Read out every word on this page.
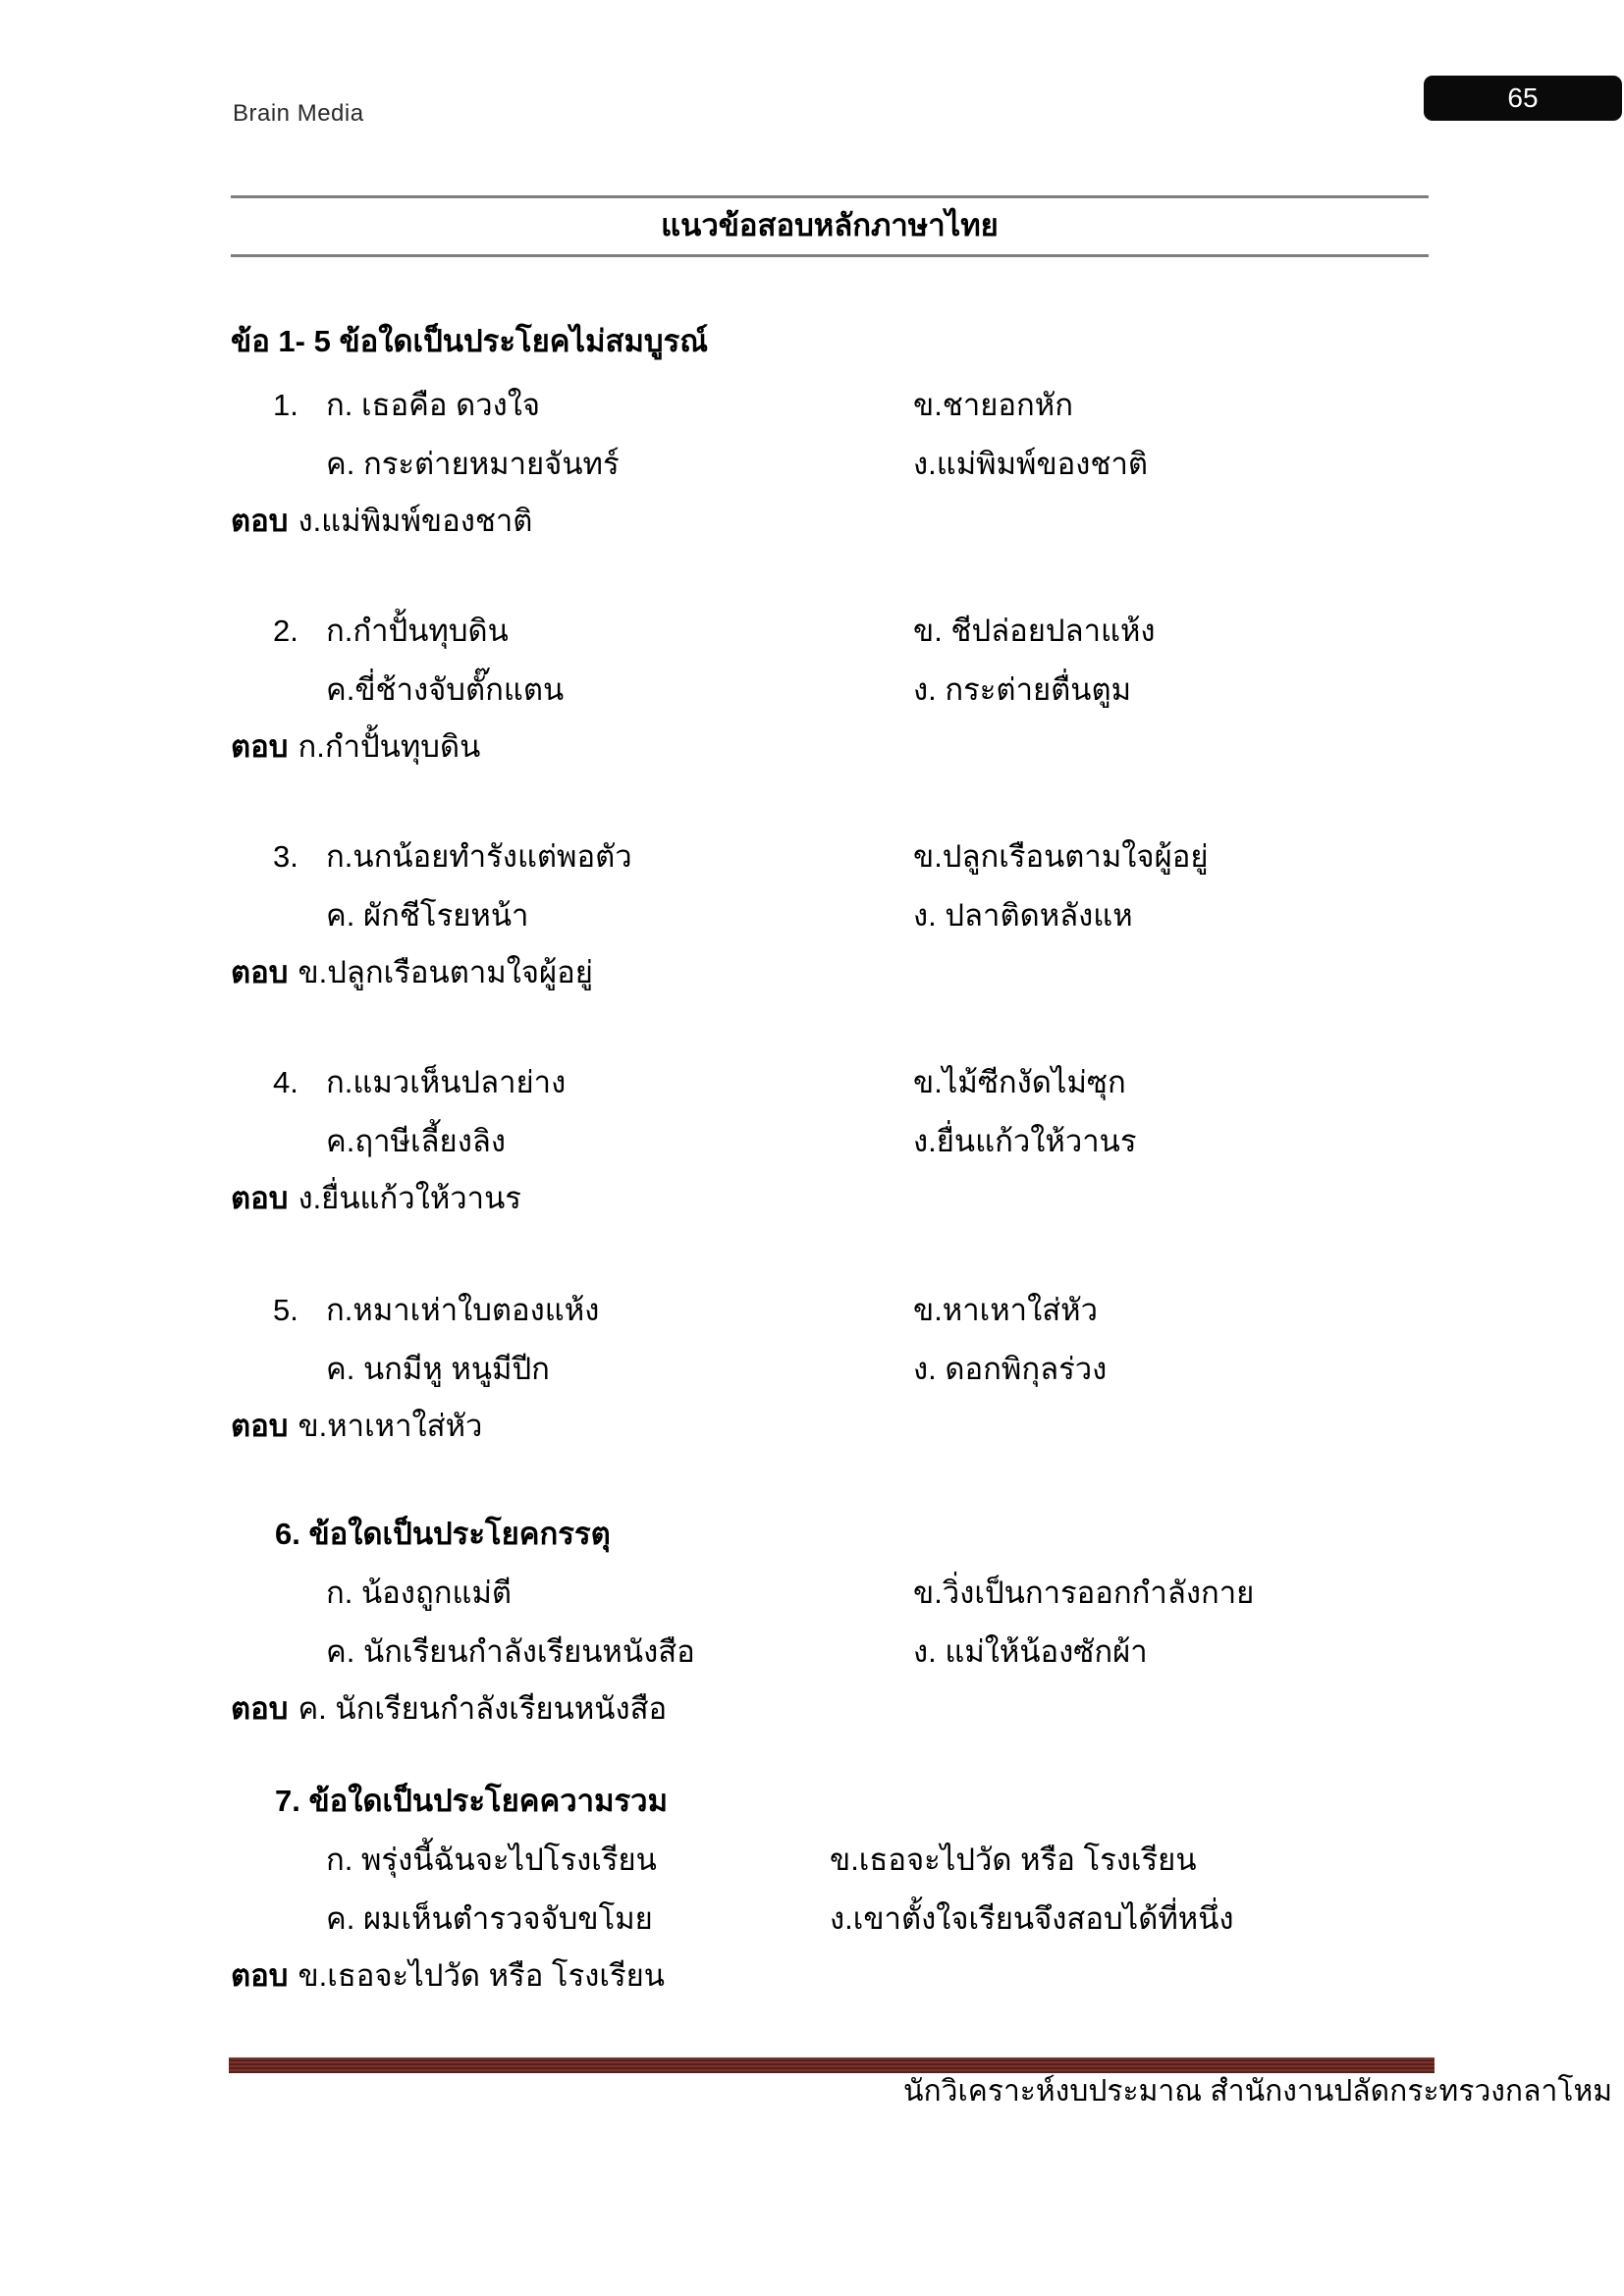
Brain Media
65
แนวข้อสอบหลักภาษาไทย
ข้อ 1- 5 ข้อใดเป็นประโยคไม่สมบูรณ์
1. ก. เธอคือ ดวงใจ	ข.ชายอกหัก
ค. กระต่ายหมายจันทร์	ง.แม่พิมพ์ของชาติ
ตอบ ง.แม่พิมพ์ของชาติ
2. ก.กำปั้นทุบดิน	ข. ชีปล่อยปลาแห้ง
ค.ขี่ช้างจับตั๊กแตน	ง. กระต่ายตื่นตูม
ตอบ ก.กำปั้นทุบดิน
3. ก.นกน้อยทำรังแต่พอตัว	ข.ปลูกเรือนตามใจผู้อยู่
ค. ผักชีโรยหน้า	ง. ปลาติดหลังแห
ตอบ ข.ปลูกเรือนตามใจผู้อยู่
4. ก.แมวเห็นปลาย่าง	ข.ไม้ซีกงัดไม่ซุก
ค.ฤาษีเลี้ยงลิง	ง.ยื่นแก้วให้วานร
ตอบ ง.ยื่นแก้วให้วานร
5. ก.หมาเห่าใบตองแห้ง	ข.หาเหาใส่หัว
ค. นกมีหู หนูมีปีก	ง. ดอกพิกุลร่วง
ตอบ ข.หาเหาใส่หัว
6. ข้อใดเป็นประโยคกรรตุ
ก. น้องถูกแม่ตี	ข.วิ่งเป็นการออกกำลังกาย
ค. นักเรียนกำลังเรียนหนังสือ	ง. แม่ให้น้องซักผ้า
ตอบ ค. นักเรียนกำลังเรียนหนังสือ
7. ข้อใดเป็นประโยคความรวม
ก. พรุ่งนี้ฉันจะไปโรงเรียน	ข.เธอจะไปวัด หรือ โรงเรียน
ค. ผมเห็นตำรวจจับขโมย	ง.เขาตั้งใจเรียนจึงสอบได้ที่หนึ่ง
ตอบ ข.เธอจะไปวัด หรือ โรงเรียน
นักวิเคราะห์งบประมาณ สำนักงานปลัดกระทรวงกลาโหม
